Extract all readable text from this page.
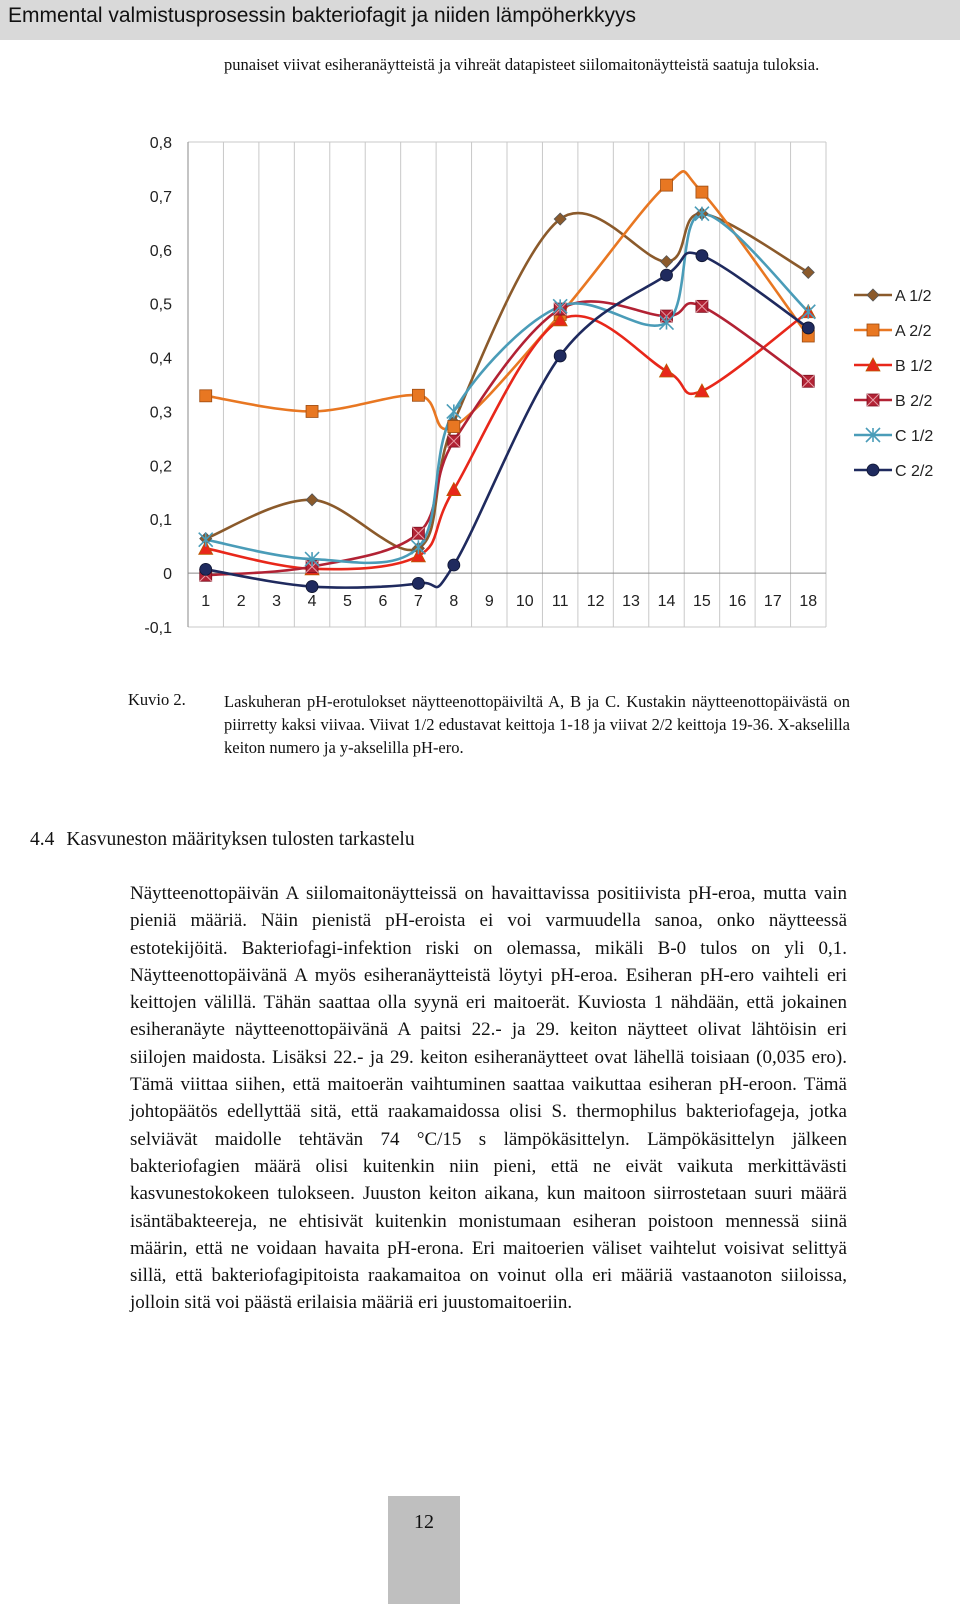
Emmental valmistusprosessin bakteriofagit ja niiden lämpöherkkyys
punaiset viivat esiheranäytteistä ja vihreät datapisteet siilomaitonäytteistä saatuja tuloksia.
-0,1
0
0,1
0,2
0,3
0,4
0,5
0,6
0,7
0,8
1 2 3 4 5 6 7 8 9 10 11 12 13 14 15 16 17 18
A 1/2
A 2/2
B 1/2
B 2/2
C 1/2
C 2/2
Kuvio 2. Laskuheran pH-erotulokset näytteenottopäiviltä A, B ja C. Kustakin näytteenottopäivästä on piirretty kaksi viivaa. Viivat 1/2 edustavat keittoja 1-18 ja viivat 2/2 keittoja 19-36. X-akselilla keiton numero ja y-akselilla pH-ero.
4.4 Kasvuneston määrityksen tulosten tarkastelu

Näytteenottopäivän A siilomaitonäytteissä on havaittavissa positiivista pH-eroa, mutta vain pieniä määriä. Näin pienistä pH-eroista ei voi varmuudella sanoa, onko näytteessä estotekijöitä. Bakteriofagi-infektion riski on olemassa, mikäli B-0 tulos on yli 0,1. Näytteenottopäivänä A myös esiheranäytteistä löytyi pH-eroa. Esiheran pH-ero vaihteli eri keittojen välillä. Tähän saattaa olla syynä eri maitoerät. Kuviosta 1 nähdään, että jokainen esiheranäyte näytteenottopäivänä A paitsi 22.- ja 29. keiton näytteet olivat lähtöisin eri siilojen maidosta. Lisäksi 22.- ja 29. keiton esiheranäytteet ovat lähellä toisiaan (0,035 ero). Tämä viittaa siihen, että maitoerän vaihtuminen saattaa vaikuttaa esiheran pH-eroon. Tämä johtopäätös edellyttää sitä, että raakamaidossa olisi S. thermophilus bakteriofageja, jotka selviävät maidolle tehtävän 74 °C/15 s lämpökäsittelyn. Lämpökäsittelyn jälkeen bakteriofagien määrä olisi kuitenkin niin pieni, että ne eivät vaikuta merkittävästi kasvunestokokeen tulokseen. Juuston keiton aikana, kun maitoon siirrostetaan suuri määrä isäntäbakteereja, ne ehtisivät kuitenkin monistumaan esiheran poistoon mennessä siinä määrin, että ne voidaan havaita pH-erona. Eri maitoerien väliset vaihtelut voisivat selittyä sillä, että bakteriofagipitoista raakamaitoa on voinut olla eri määriä vastaanoton siiloissa, jolloin sitä voi päästä erilaisia määriä eri juustomaitoeriin.

12
